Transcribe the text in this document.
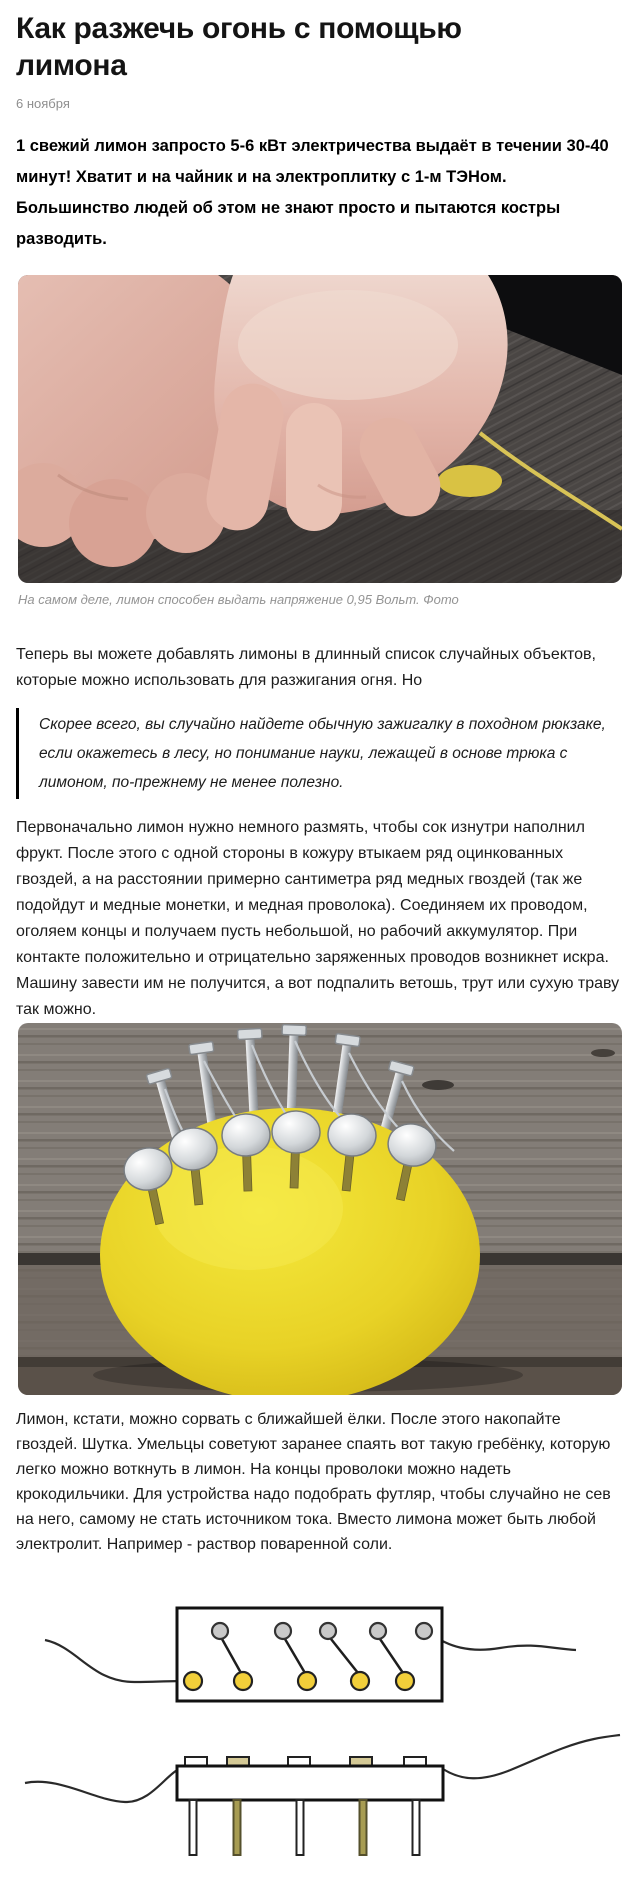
Как разжечь огонь с помощью лимона
6 ноября

1 свежий лимон запросто 5-6 кВт электричества выдаёт в течении 30-40 минут! Хватит и на чайник и на электроплитку с 1-м ТЭНом. Большинство людей об этом не знают просто и пытаются костры разводить.

На самом деле, лимон способен выдать напряжение 0,95 Вольт. Фото

Теперь вы можете добавлять лимоны в длинный список случайных объектов, которые можно использовать для разжигания огня. Но

Скорее всего, вы случайно найдете обычную зажигалку в походном рюкзаке, если окажетесь в лесу, но понимание науки, лежащей в основе трюка с лимоном, по-прежнему не менее полезно.

Первоначально лимон нужно немного размять, чтобы сок изнутри наполнил фрукт. После этого с одной стороны в кожуру втыкаем ряд оцинкованных гвоздей, а на расстоянии примерно сантиметра ряд медных гвоздей (так же подойдут и медные монетки, и медная проволока). Соединяем их проводом, оголяем концы и получаем пусть небольшой, но рабочий аккумулятор. При контакте положительно и отрицательно заряженных проводов возникнет искра. Машину завести им не получится, а вот подпалить ветошь, трут или сухую траву так можно.

Лимон, кстати, можно сорвать с ближайшей ёлки. После этого накопайте гвоздей. Шутка. Умельцы советуют заранее спаять вот такую гребёнку, которую легко можно воткнуть в лимон. На концы проволоки можно надеть крокодильчики. Для устройства надо подобрать футляр, чтобы случайно не сев на него, самому не стать источником тока. Вместо лимона может быть любой электролит. Например - раствор поваренной соли.
